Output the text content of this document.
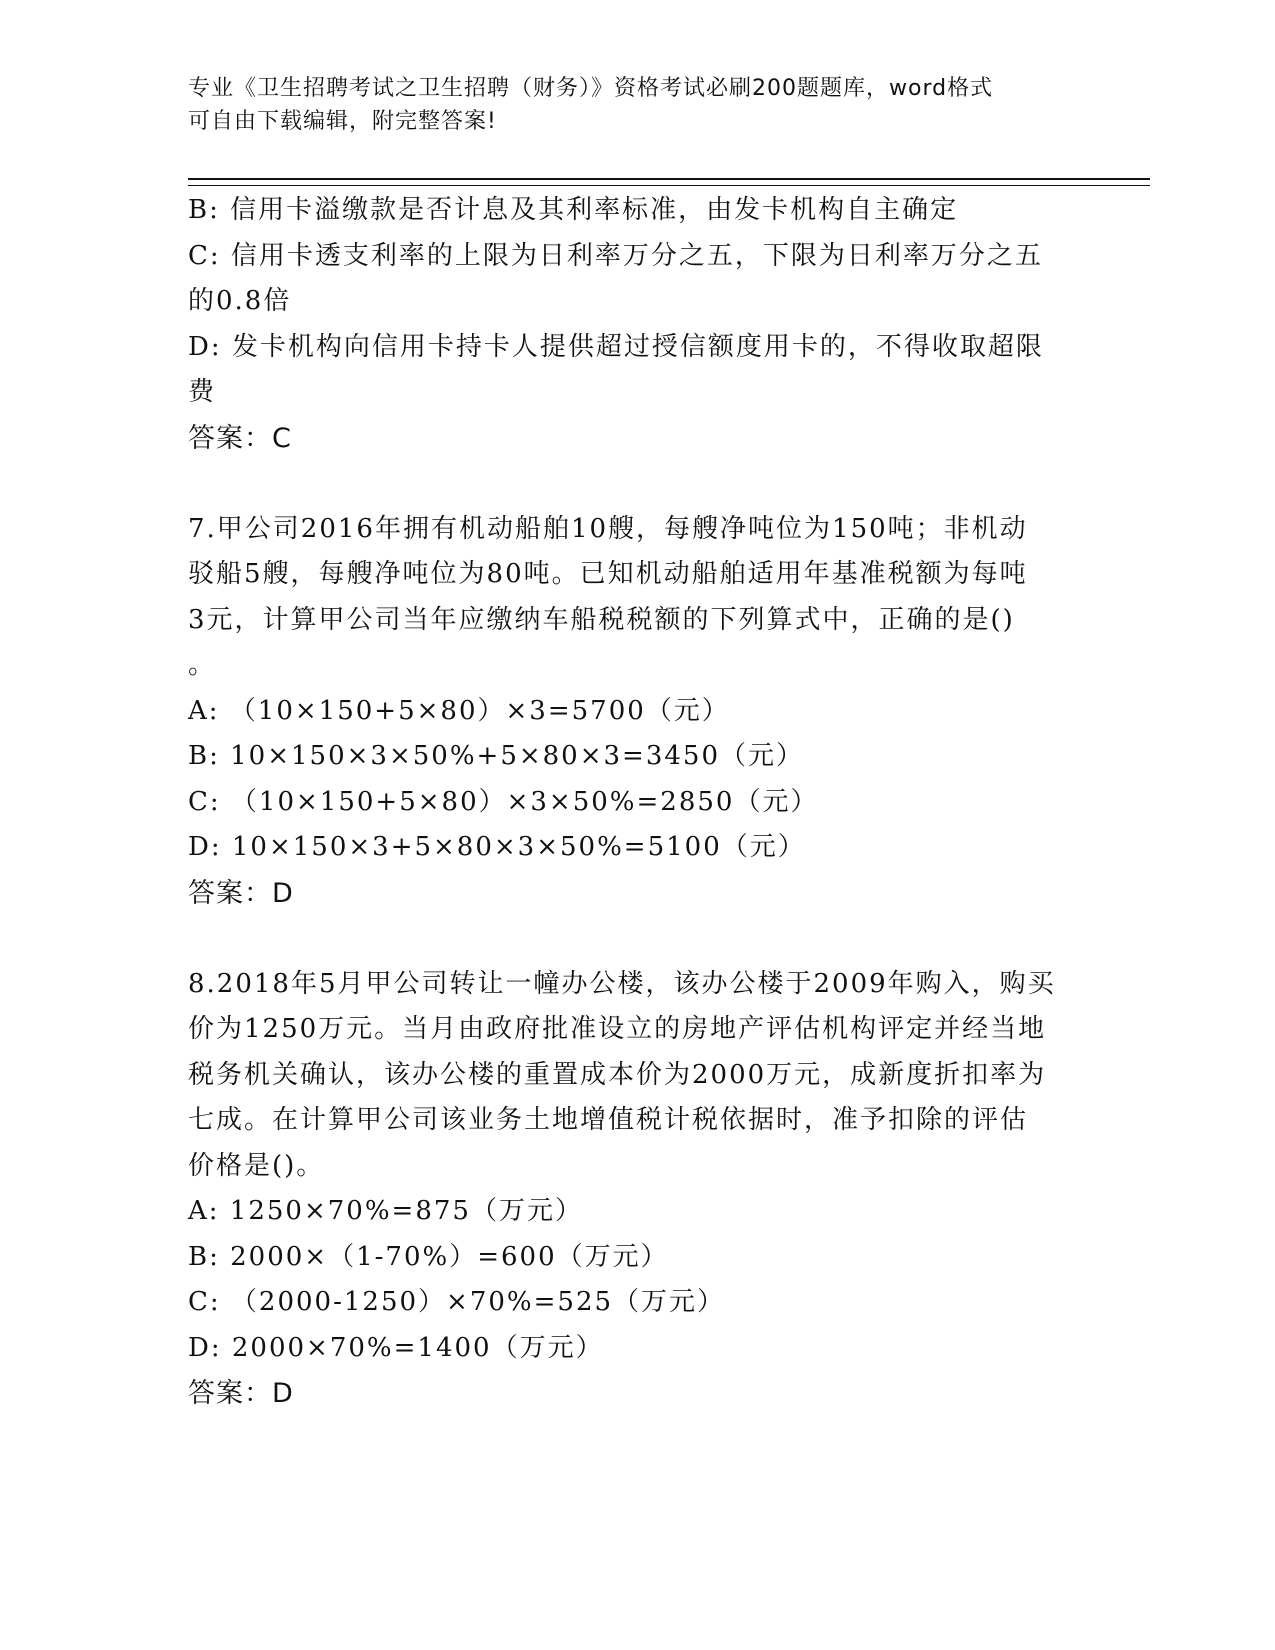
专业《卫生招聘考试之卫生招聘（财务）》资格考试必刷200题题库，word格式
可自由下载编辑，附完整答案!
B: 信用卡溢缴款是否计息及其利率标准，由发卡机构自主确定
C: 信用卡透支利率的上限为日利率万分之五，下限为日利率万分之五
的0.8倍
D: 发卡机构向信用卡持卡人提供超过授信额度用卡的，不得收取超限
费
答案：C
7.甲公司2016年拥有机动船舶10艘，每艘净吨位为150吨；非机动
驳船5艘，每艘净吨位为80吨。已知机动船舶适用年基准税额为每吨
3元，计算甲公司当年应缴纳车船税税额的下列算式中，正确的是()
。
A: （10×150+5×80）×3=5700（元）
B: 10×150×3×50%+5×80×3=3450（元）
C: （10×150+5×80）×3×50%=2850（元）
D: 10×150×3+5×80×3×50%=5100（元）
答案：D
8.2018年5月甲公司转让一幢办公楼，该办公楼于2009年购入，购买
价为1250万元。当月由政府批准设立的房地产评估机构评定并经当地
税务机关确认，该办公楼的重置成本价为2000万元，成新度折扣率为
七成。在计算甲公司该业务土地增值税计税依据时，准予扣除的评估
价格是()。
A: 1250×70%=875（万元）
B: 2000×（1-70%）=600（万元）
C: （2000-1250）×70%=525（万元）
D: 2000×70%=1400（万元）
答案：D
